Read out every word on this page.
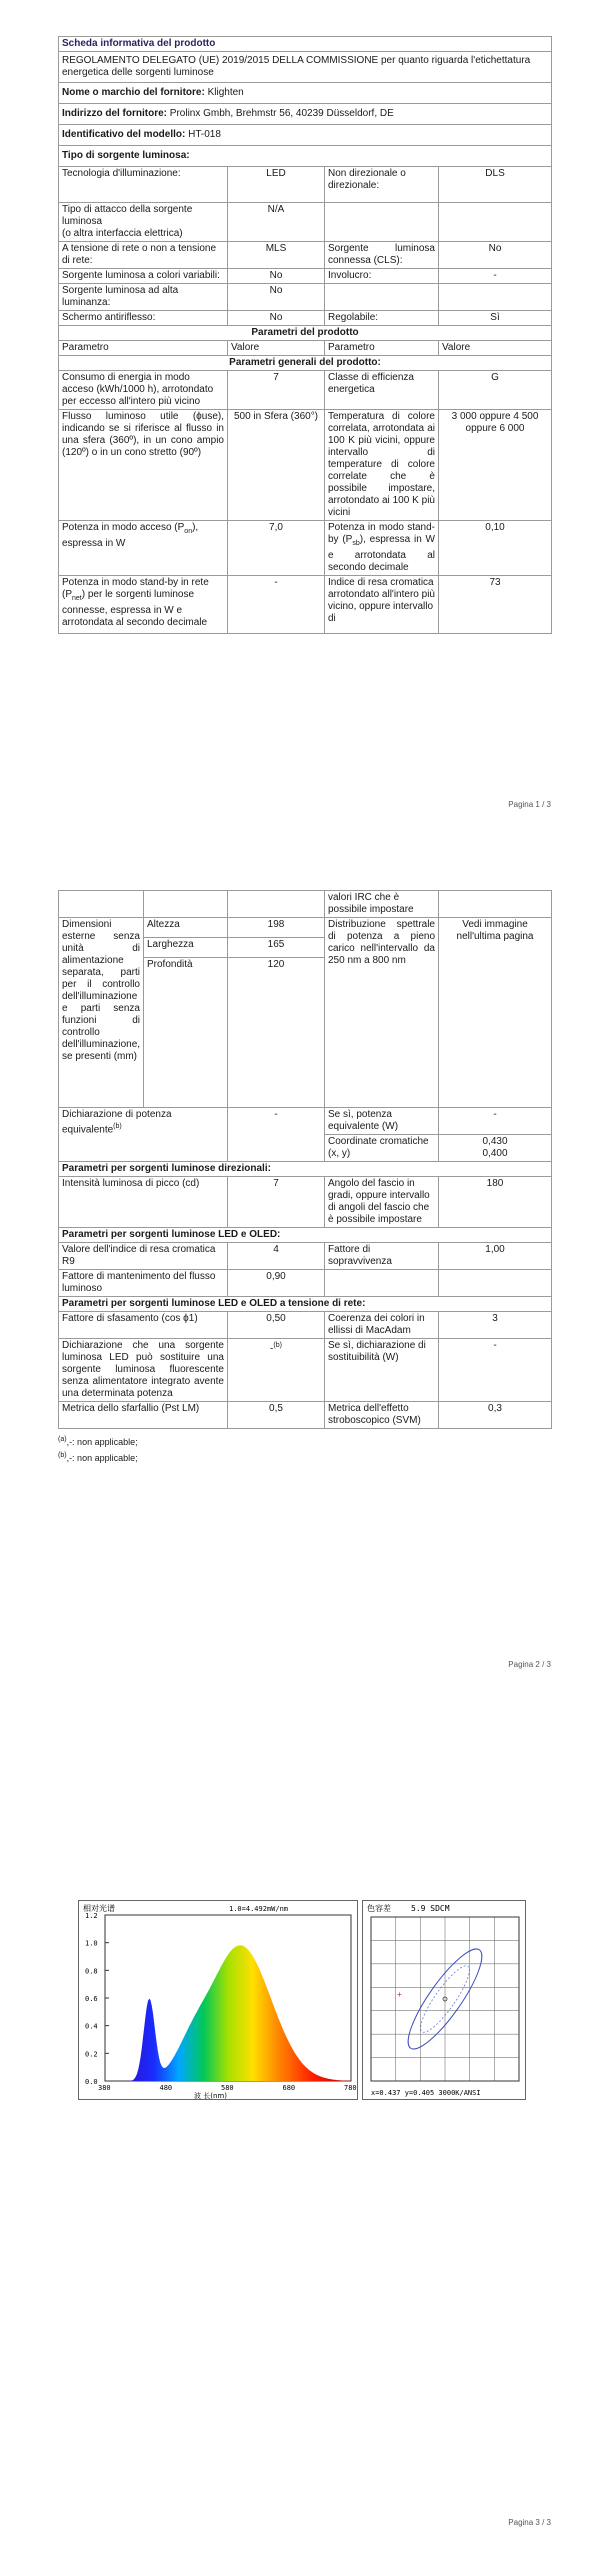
Scheda informativa del prodotto			
REGOLAMENTO DELEGATO (UE) 2019/2015 DELLA COMMISSIONE per quanto riguarda l'etichettatura energetica delle sorgenti luminose			
Nome o marchio del fornitore: Klighten			
Indirizzo del fornitore: Prolinx Gmbh, Brehmstr 56, 40239 Düsseldorf, DE			
Identificativo del modello: HT-018			
Tipo di sorgente luminosa:			
Tecnologia d'illuminazione:	LED	Non direzionale o direzionale:	DLS
Tipo di attacco della sorgente luminosa
(o altra interfaccia elettrica)	N/A		
A tensione di rete o non a tensione di rete:	MLS	Sorgente luminosa connessa (CLS):	No
Sorgente luminosa a colori variabili:	No	Involucro:	-
Sorgente luminosa ad alta luminanza:	No		
Schermo antiriflesso:	No	Regolabile:	Sì
Parametri del prodotto			
Parametro	Valore	Parametro	Valore
Parametri generali del prodotto:			
Consumo di energia in modo acceso (kWh/1000 h), arrotondato per eccesso all'intero più vicino	7	Classe di efficienza energetica	G
Flusso luminoso utile (ϕuse), indicando se si riferisce al flusso in una sfera (360º), in un cono ampio (120º) o in un cono stretto (90º)	500 in Sfera (360°)	Temperatura di colore correlata, arrotondata ai 100 K più vicini, oppure intervallo di temperature di colore correlate che è possibile impostare, arrotondato ai 100 K più vicini	3 000 oppure 4 500 oppure 6 000
Potenza in modo acceso $(P_{on})$, espressa in W	7,0	Potenza in modo stand-by $(P_{sb})$, espressa in W e arrotondata al secondo decimale	0,10
Potenza in modo stand-by in rete $(P_{net})$ per le sorgenti luminose connesse, espressa in W e arrotondata al secondo decimale	-	Indice di resa cromatica arrotondato all'intero più vicino, oppure intervallo di	73
Pagina 1 / 3
			valori IRC che è possibile impostare	
Dimensioni esterne senza unità di alimentazione separata, parti per il controllo dell'illuminazione e parti senza funzioni di controllo dell'illuminazione, se presenti (mm)	Altezza	198	Distribuzione spettrale di potenza a pieno carico nell'intervallo da 250 nm a 800 nm	Vedi immagine nell'ultima pagina
	Larghezza	165		
	Profondità	120		
Dichiarazione di potenza equivalente$^{(b)}$		-	Se sì, potenza equivalente (W)	-
			Coordinate cromatiche (x, y)	0,430
0,400
Parametri per sorgenti luminose direzionali:				
Intensità luminosa di picco (cd)		7	Angolo del fascio in gradi, oppure intervallo di angoli del fascio che è possibile impostare	180
Parametri per sorgenti luminose LED e OLED:				
Valore dell'indice di resa cromatica R9		4	Fattore di sopravvivenza	1,00
Fattore di mantenimento del flusso luminoso		0,90		
Parametri per sorgenti luminose LED e OLED a tensione di rete:				
Fattore di sfasamento (cos ϕ1)		0,50	Coerenza dei colori in ellissi di MacAdam	3
Dichiarazione che una sorgente luminosa LED può sostituire una sorgente luminosa fluorescente senza alimentatore integrato avente una determinata potenza		-$^{(b)}$	Se sì, dichiarazione di sostituibilità (W)	-
Metrica dello sfarfallio (Pst LM)		0,5	Metrica dell'effetto stroboscopico (SVM)	0,3
$^{(a)}$,-: non applicable;
$^{(b)}$,-: non applicable;
Pagina 2 / 3
相对光谱	1.0=4.492mW/nm
1.2
1.0
0.8
0.6
0.4
0.2
0.0
380	480	580	680	780
波 长(nm)
色容差	5.9 SDCM
+
x=0.437 y=0.405 3000K/ANSI
Pagina 3 / 3
